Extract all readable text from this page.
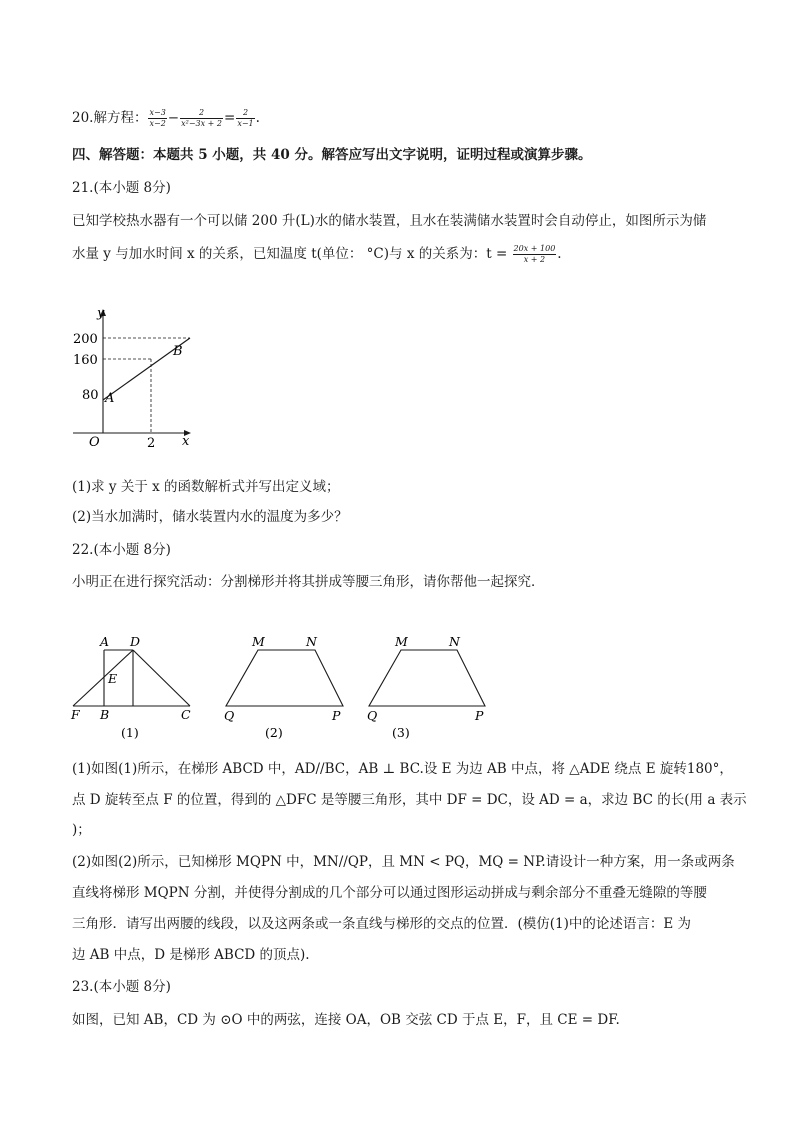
20.解方程： $\frac{x-3}{x-2} - \frac{2}{\text{x²−3x + 2}} = \frac{2}{x-1}$ .
四、解答题：本题共 5 小题，共 40 分。解答应写出文字说明，证明过程或演算步骤。
21.(本小题 8分)
已知学校热水器有一个可以储 200 升(L)水的储水装置，且水在装满储水装置时会自动停止，如图所示为储
水量 y 与加水时间 x 的关系，已知温度 t(单位： °C)与 x 的关系为：$t = \frac{20x + 100}{x + 2}$ .
y
200
160
80 A
B
O	2 x
(1)求 y 关于 x 的函数解析式并写出定义域；
(2)当水加满时，储水装置内水的温度为多少？
22.(本小题 8分)
小明正在进行探究活动：分割梯形并将其拼成等腰三角形，请你帮他一起探究．
A D
E
F B	C
(1)
M	N
Q	P
(2)
M	N
Q	P
(3)
(1)如图(1)所示，在梯形 ABCD 中，AD//BC，AB ⊥ BC.设 E 为边 AB 中点，将 △ADE 绕点 E 旋转180°，
点 D 旋转至点 F 的位置，得到的 △DFC 是等腰三角形，其中 DF = DC，设 AD = a，求边 BC 的长(用 a 表示
)；
(2)如图(2)所示，已知梯形 MQPN 中，MN//QP，且 MN < PQ，MQ = NP.请设计一种方案，用一条或两条
直线将梯形 MQPN 分割，并使得分割成的几个部分可以通过图形运动拼成与剩余部分不重叠无缝隙的等腰
三角形．请写出两腰的线段，以及这两条或一条直线与梯形的交点的位置．(模仿(1)中的论述语言：E 为
边 AB 中点，D 是梯形 ABCD 的顶点).
23.(本小题 8分)
如图，已知 AB，CD 为 ⊙O 中的两弦，连接 OA，OB 交弦 CD 于点 E，F，且 CE = DF.
